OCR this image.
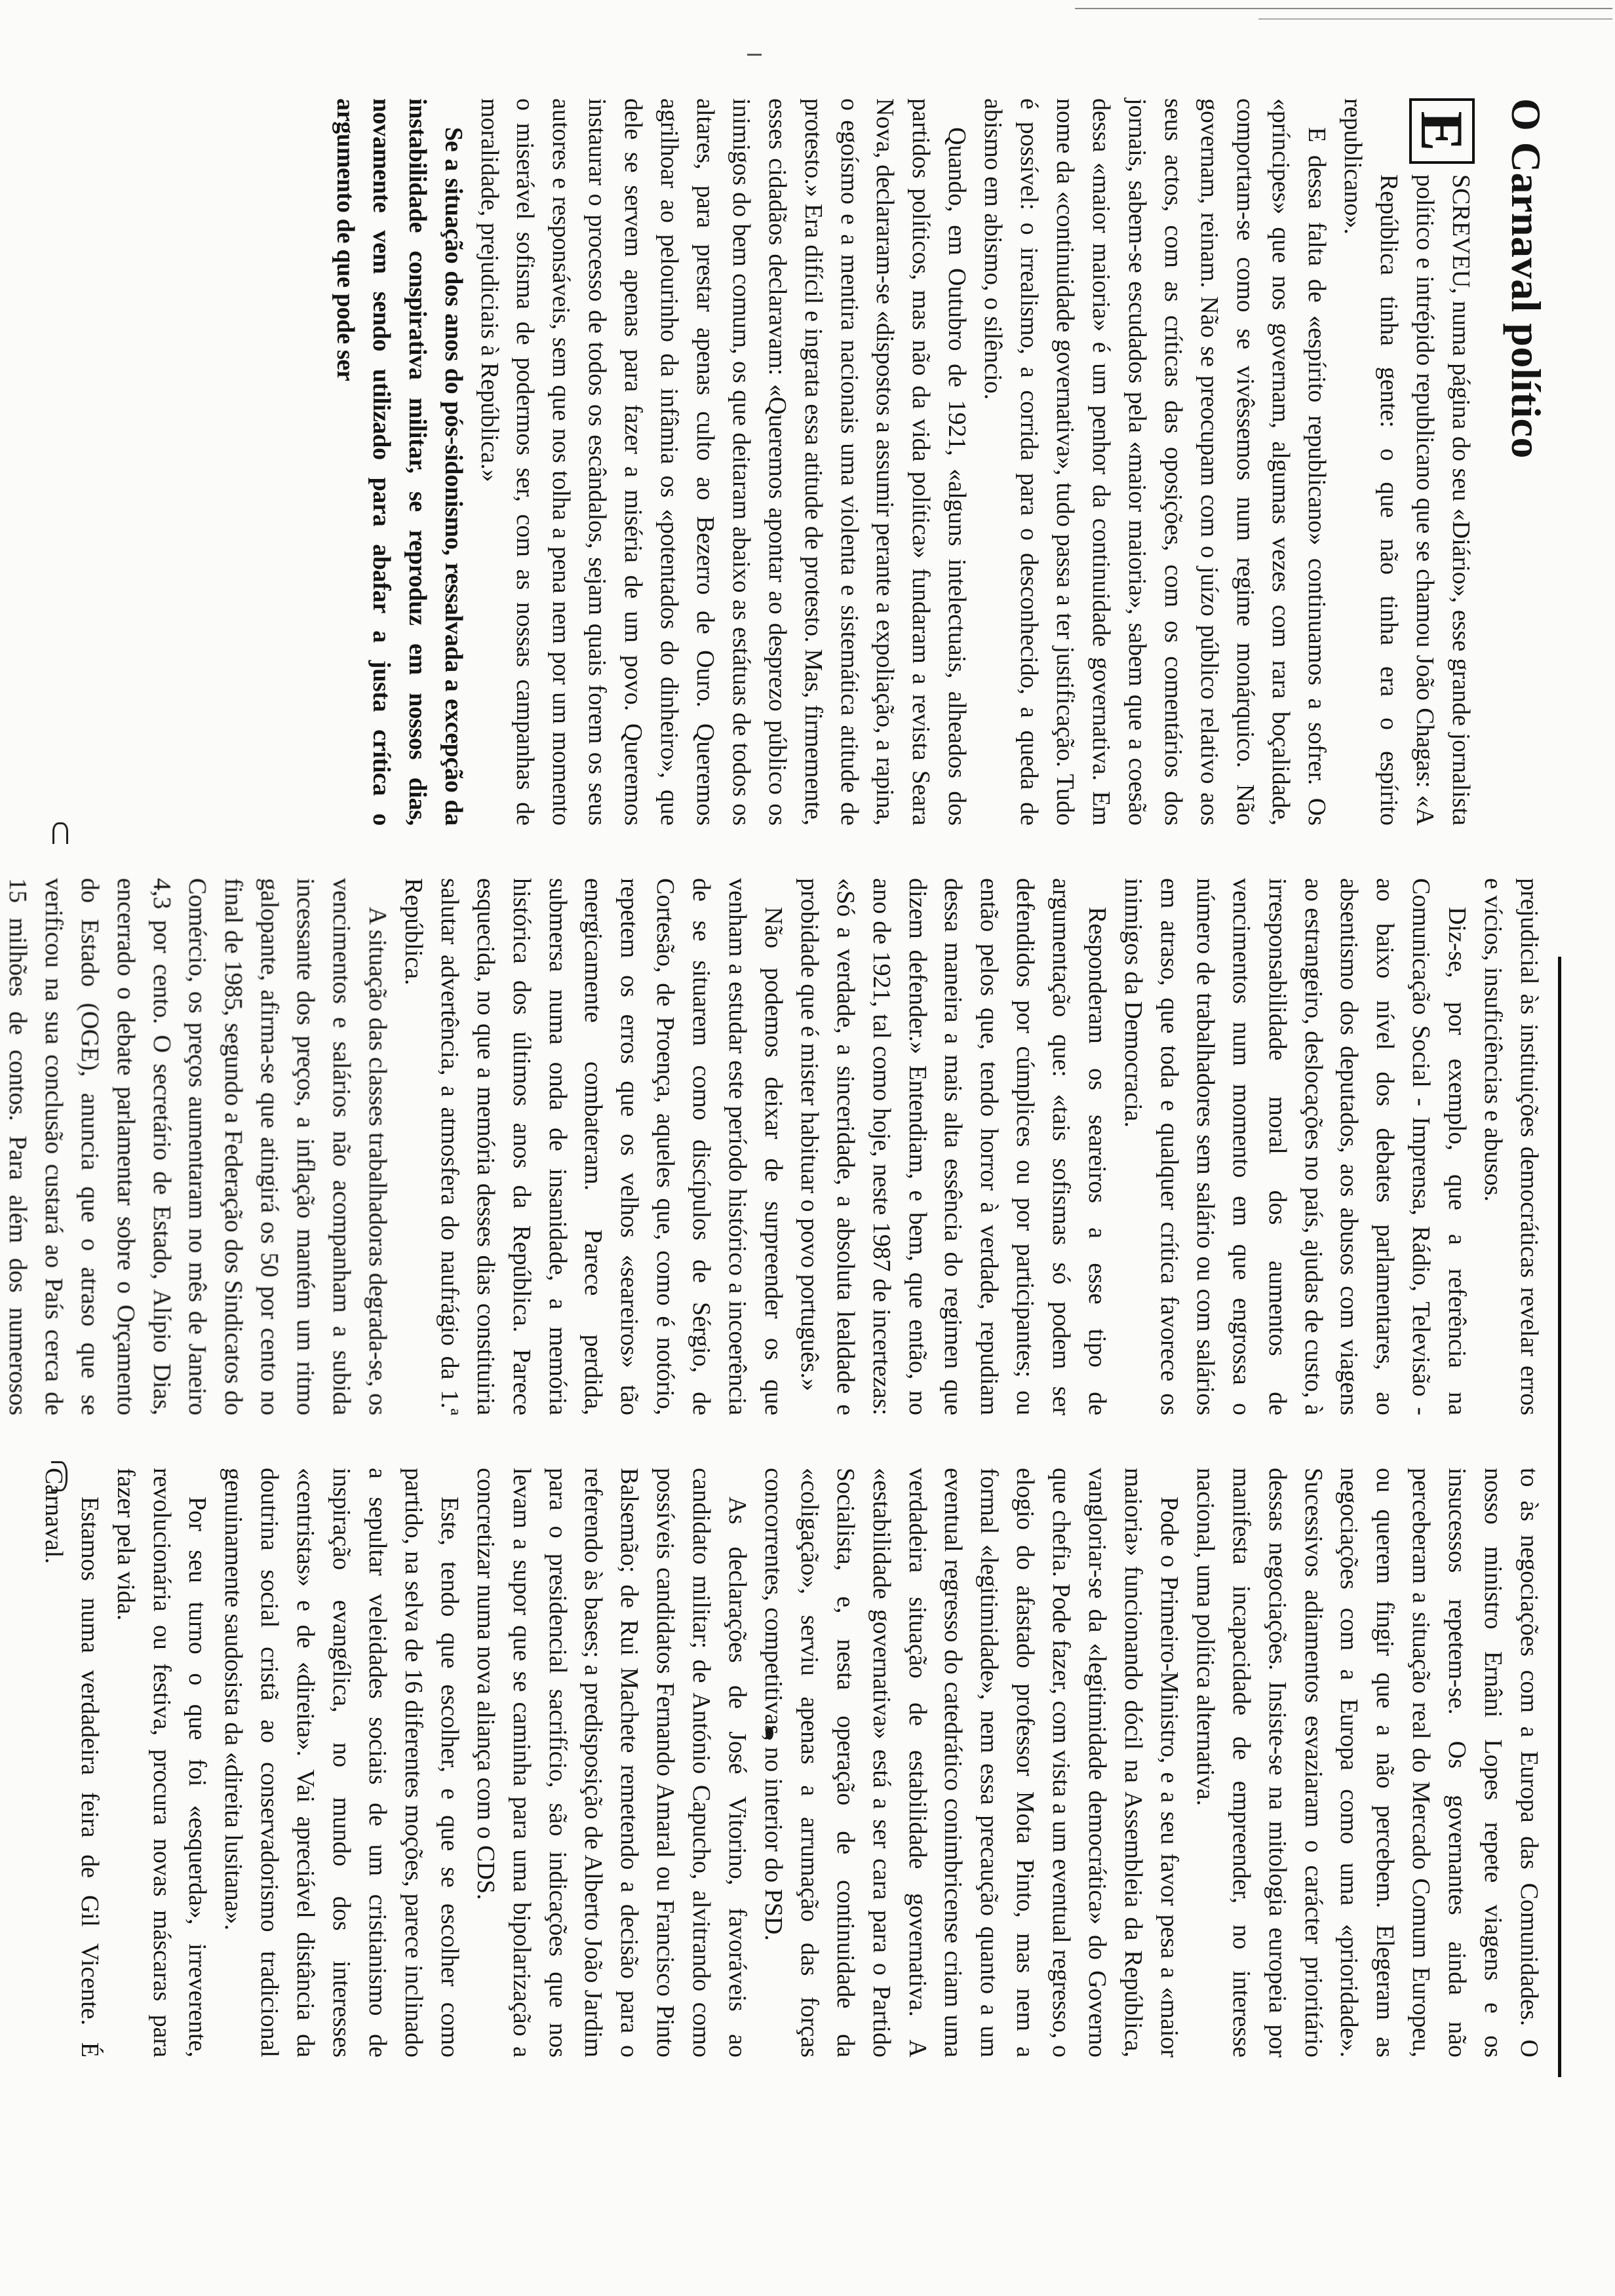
O Carnaval político
E

SCREVEU, numa página do seu «Diário», esse grande jornalista político e intrépido republicano que se chamou João Chagas: «A República tinha gente: o que não tinha era o espírito republicano».

E dessa falta de «espírito republicano» continuamos a sofrer. Os «príncipes» que nos governam, algumas vezes com rara boçalidade, comportam-se como se vivêssemos num regime monárquico. Não governam, reinam. Não se preocupam com o juízo público relativo aos seus actos, com as críticas das oposições, com os comentários dos jornais, sabem-se escudados pela «maior maioria», sabem que a coesão dessa «maior maioria» é um penhor da continuidade governativa. Em nome da «continuidade governativa», tudo passa a ter justificação. Tudo é possível: o irrealismo, a corrida para o desconhecido, a queda de abismo em abismo, o silêncio.

Quando, em Outubro de 1921, «alguns intelectuais, alheados dos partidos políticos, mas não da vida política» fundaram a revista Seara Nova, declararam-se «dispostos a assumir perante a expoliação, a rapina, o egoísmo e a mentira nacionais uma violenta e sistemática atitude de protesto.» Era difícil e ingrata essa atitude de protesto. Mas, firmemente, esses cidadãos declaravam: «Queremos apontar ao desprezo público os inimigos do bem comum, os que deitaram abaixo as estátuas de todos os altares, para prestar apenas culto ao Bezerro de Ouro. Queremos agrilhoar ao pelourinho da infâmia os «potentados do dinheiro», que dele se servem apenas para fazer a miséria de um povo. Queremos instaurar o processo de todos os escândalos, sejam quais forem os seus autores e responsáveis, sem que nos tolha a pena nem por um momento o miserável sofisma de podermos ser, com as nossas campanhas de moralidade, prejudiciais à República.»

Se a situação dos anos do pós-sidonismo, ressalvada a excepção da instabilidade conspirativa militar, se reproduz em nossos dias, novamente vem sendo utilizado para abafar a justa crítica o argumento de que pode ser

prejudicial às instituições democráticas revelar erros e vícios, insuficiências e abusos.

Diz-se, por exemplo, que a referência na Comunicação Social - Imprensa, Rádio, Televisão - ao baixo nível dos debates parlamentares, ao absentismo dos deputados, aos abusos com viagens ao estrangeiro, deslocações no país, ajudas de custo, à irresponsabilidade moral dos aumentos de vencimentos num momento em que engrossa o número de trabalhadores sem salário ou com salários em atraso, que toda e qualquer crítica favorece os inimigos da Democracia.

Responderam os seareiros a esse tipo de argumentação que: «tais sofismas só podem ser defendidos por cúmplices ou por participantes; ou então pelos que, tendo horror à verdade, repudiam dessa maneira a mais alta essência do regimen que dizem defender.» Entendiam, e bem, que então, no ano de 1921, tal como hoje, neste 1987 de incertezas: «Só a verdade, a sinceridade, a absoluta lealdade e probidade que é mister habituar o povo português.»

Não podemos deixar de surpreender os que venham a estudar este período histórico a incoerência de se situarem como discípulos de Sérgio, de Cortesão, de Proença, aqueles que, como é notório, repetem os erros que os velhos «seareiros» tão energicamente combateram. Parece perdida, submersa numa onda de insanidade, a memória histórica dos últimos anos da República. Parece esquecida, no que a memória desses dias constituiria salutar advertência, a atmosfera do naufrágio da 1.ª República.

A situação das classes trabalhadoras degrada-se, os vencimentos e salários não acompanham a subida incessante dos preços, a inflação mantém um ritmo galopante, afirma-se que atingirá os 50 por cento no final de 1985, segundo a Federação dos Sindicatos do Comércio, os preços aumentaram no mês de Janeiro 4,3 por cento. O secretário de Estado, Alípio Dias, encerrado o debate parlamentar sobre o Orçamento do Estado (OGE), anuncia que o atraso que se verificou na sua conclusão custará ao País cerca de 15 milhões de contos. Para além dos numerosos

to às negociações com a Europa das Comunidades. O nosso ministro Ernâni Lopes repete viagens e os insucessos repetem-se. Os governantes ainda não perceberam a situação real do Mercado Comum Europeu, ou querem fingir que a não percebem. Elegeram as negociações com a Europa como uma «prioridade». Sucessivos adiamentos esvaziaram o carácter prioritário dessas negociações. Insiste-se na mitologia europeia por manifesta incapacidade de empreender, no interesse nacional, uma política alternativa.

Pode o Primeiro-Ministro, e a seu favor pesa a «maior maioria» funcionando dócil na Assembleia da República, vangloriar-se da «legitimidade democrática» do Governo que chefia. Pode fazer, com vista a um eventual regresso, o elogio do afastado professor Mota Pinto, mas nem a formal «legitimidade», nem essa precaução quanto a um eventual regresso do catedrático conimbricense criam uma verdadeira situação de estabilidade governativa. A «estabilidade governativa» está a ser cara para o Partido Socialista, e, nesta operação de continuidade da «coligação», serviu apenas a arrumação das forças concorrentes, competitivas, no interior do PSD.

As declarações de José Vitorino, favoráveis ao candidato militar; de António Capucho, alvitrando como possíveis candidatos Fernando Amaral ou Francisco Pinto Balsemão; de Rui Machete remetendo a decisão para o referendo às bases; a predisposição de Alberto João Jardim para o presidencial sacrifício, são indicações que nos levam a supor que se caminha para uma bipolarização a concretizar numa nova aliança com o CDS.

Este, tendo que escolher, e que se escolher como partido, na selva de 16 diferentes moções, parece inclinado a sepultar veleidades sociais de um cristianismo de inspiração evangélica, no mundo dos interesses «centristas» e de «direita». Vai apreciável distância da doutrina social cristã ao conservadorismo tradicional genuinamente saudosista da «direita lusitana».

Por seu turno o que foi «esquerda», irreverente, revolucionária ou festiva, procura novas máscaras para fazer pela vida.

Estamos numa verdadeira feira de Gil Vicente. É Carnaval.
